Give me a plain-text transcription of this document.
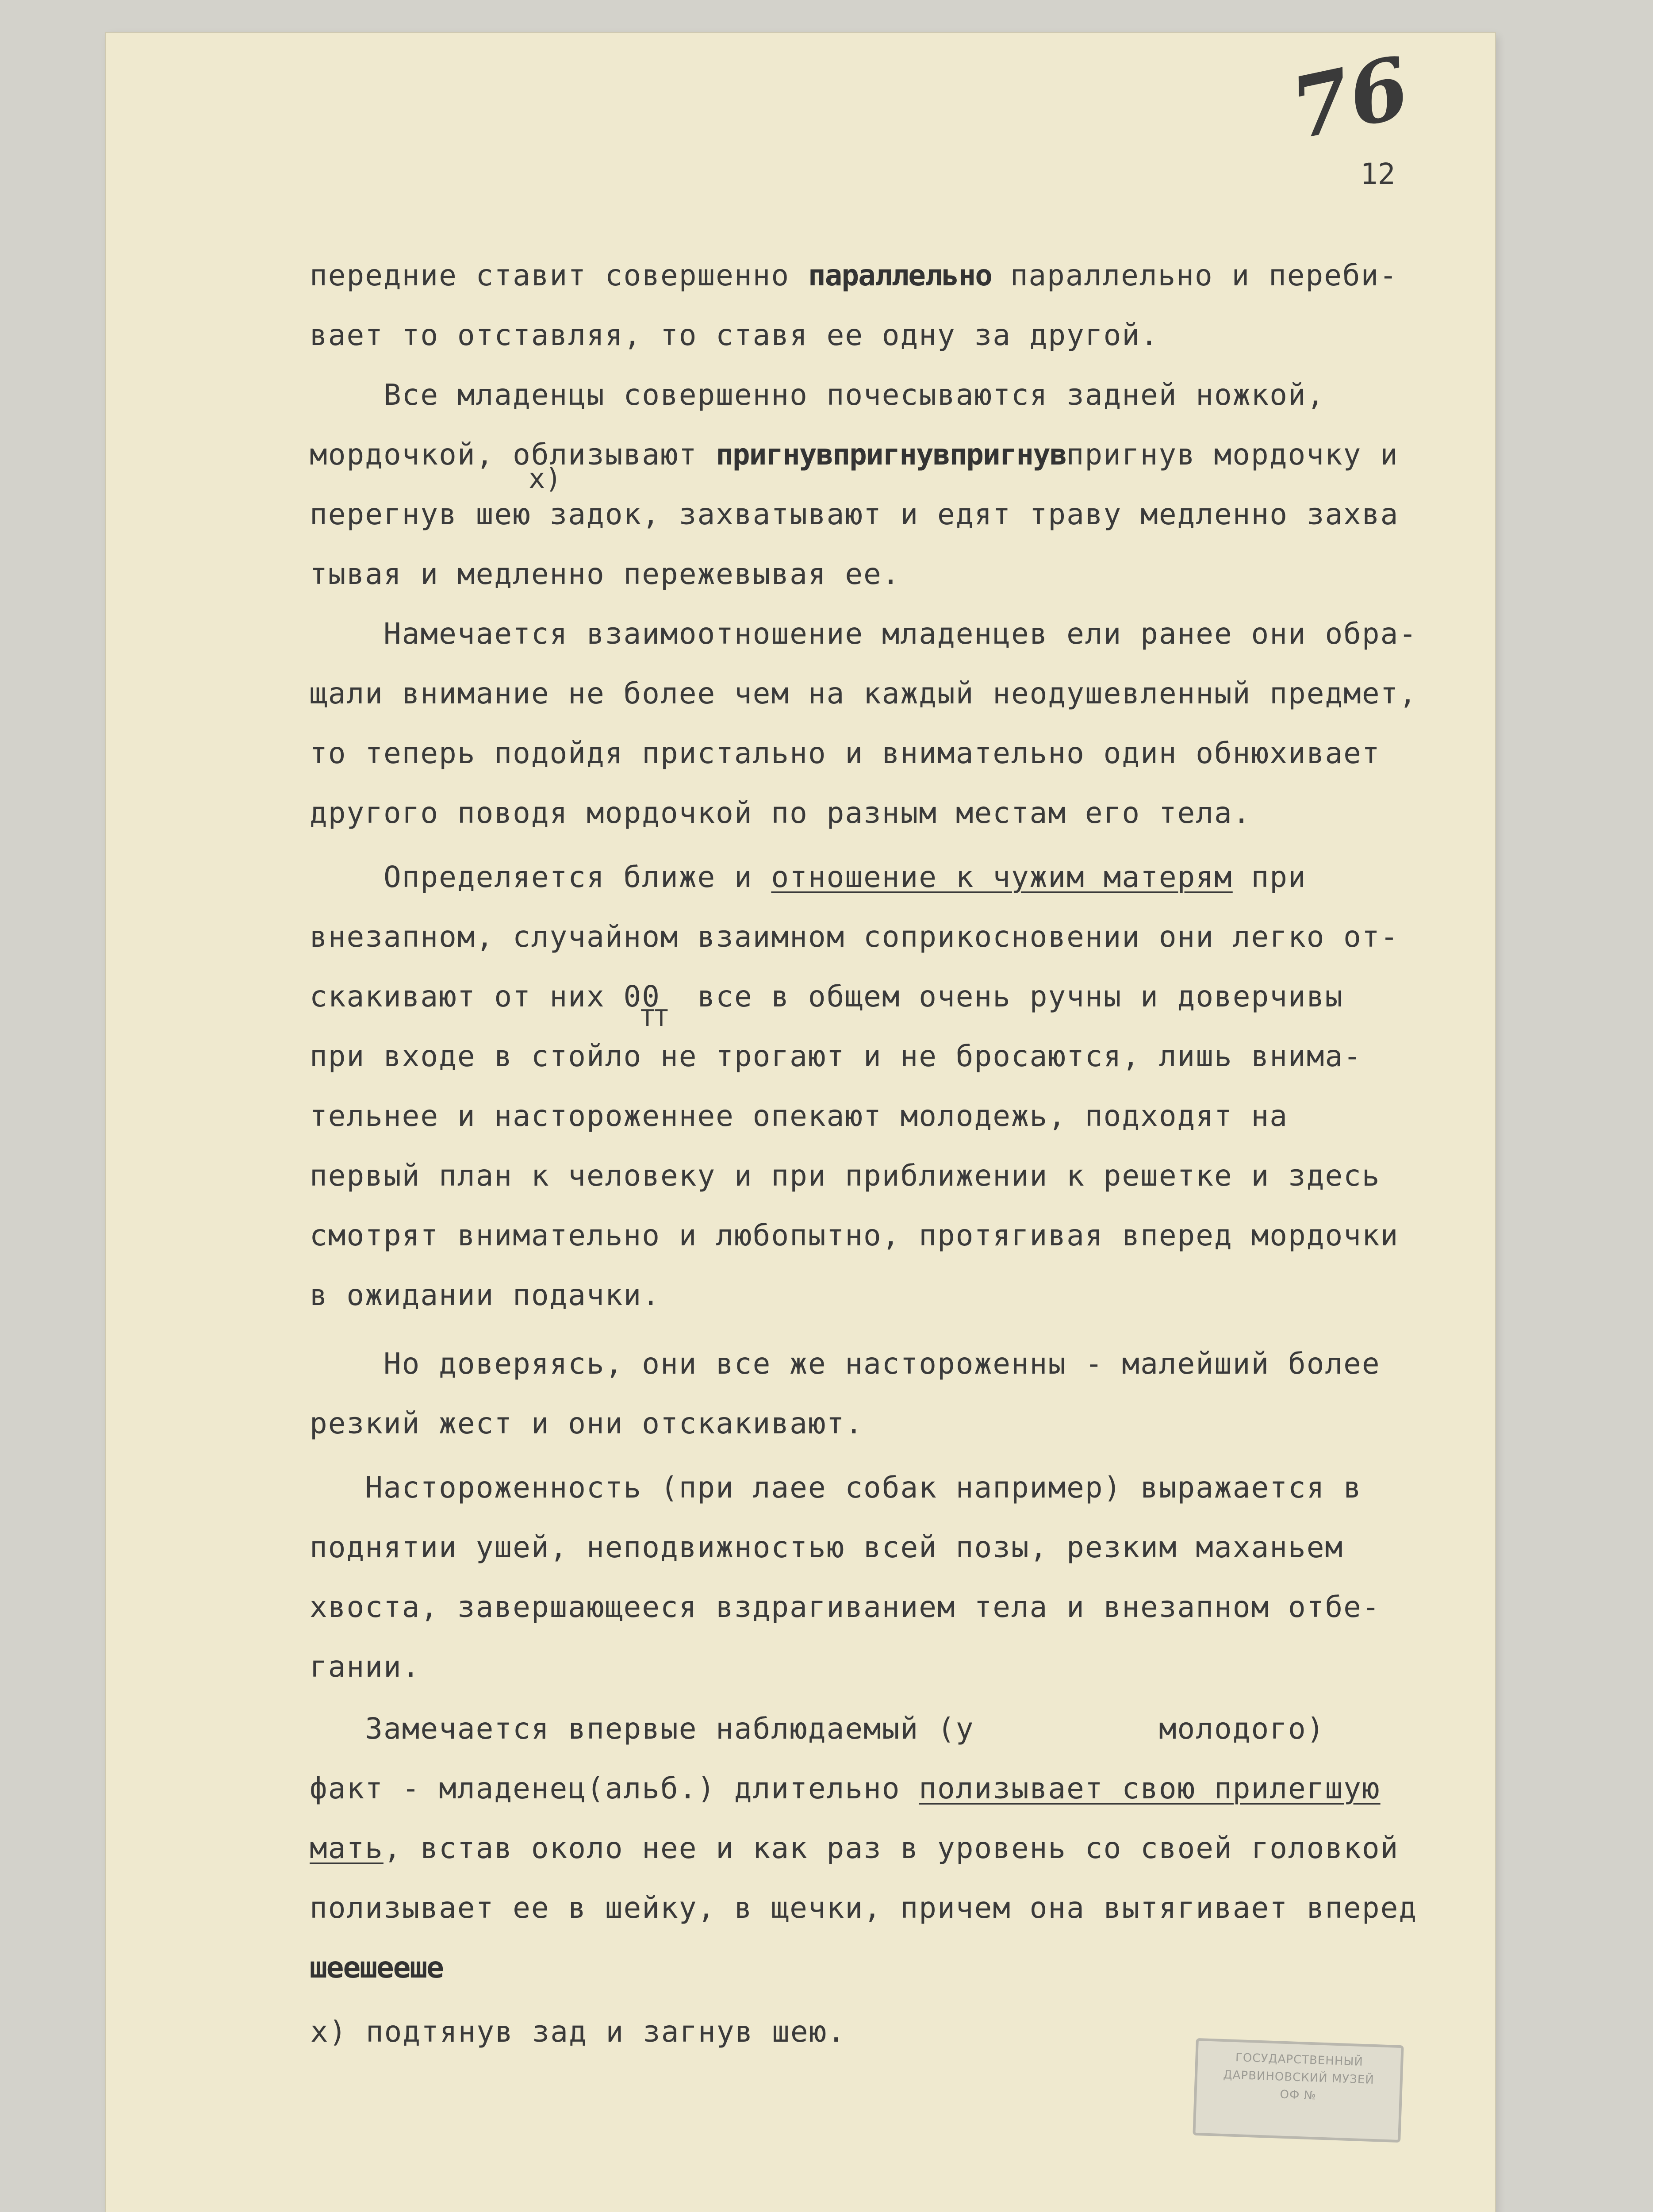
76
12
передние ставит совершенно параллельно параллельно и переби-
вает то отставляя, то ставя ее одну за другой.
Все младенцы совершенно почесываются задней ножкой,
мордочкой, облизывают пригнувпригнувпригнувпригнув мордочку и
х)
перегнув шею задок, захватывают и едят траву медленно захва
тывая и медленно пережевывая ее.
Намечается взаимоотношение младенцев ели ранее они обра-
щали внимание не более чем на каждый неодушевленный предмет,
то теперь подойдя пристально и внимательно один обнюхивает
другого поводя мордочкой по разным местам его тела.
Определяется ближе и отношение к чужим матерям при
внезапном, случайном взаимном соприкосновении они легко от-
скакивают от них 00  все в общем очень ручны и доверчивы
ТТ
при входе в стойло не трогают и не бросаются, лишь внима-
тельнее и настороженнее опекают молодежь, подходят на
первый план к человеку и при приближении к решетке и здесь
смотрят внимательно и любопытно, протягивая вперед мордочки
в ожидании подачки.
Но доверяясь, они все же настороженны - малейший более
резкий жест и они отскакивают.
Настороженность (при лаее собак например) выражается в
поднятии ушей, неподвижностью всей позы, резким маханьем
хвоста, завершающееся вздрагиванием тела и внезапном отбе-
гании.
Замечается впервые наблюдаемый (у          молодого)
факт - младенец(альб.) длительно полизывает свою прилегшую
мать, встав около нее и как раз в уровень со своей головкой
полизывает ее в шейку, в щечки, причем она вытягивает вперед
шеешееше
х) подтянув зад и загнув шею.
ГОСУДАРСТВЕННЫЙ
ДАРВИНОВСКИЙ МУЗЕЙ
ОФ №
